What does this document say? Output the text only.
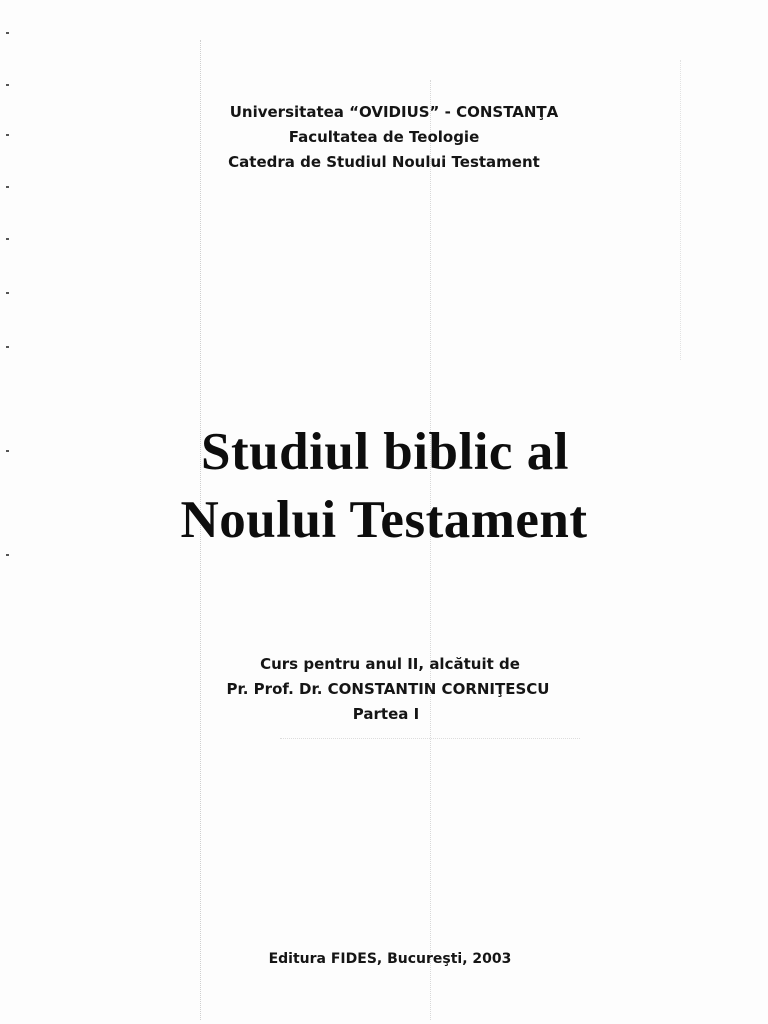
Universitatea “OVIDIUS” - CONSTANŢA
Facultatea de Teologie
Catedra de Studiul Noului Testament
Studiul biblic al
Noului Testament
Curs pentru anul II, alcătuit de
Pr. Prof. Dr. CONSTANTIN CORNIŢESCU
Partea I
Editura FIDES, Bucureşti, 2003
